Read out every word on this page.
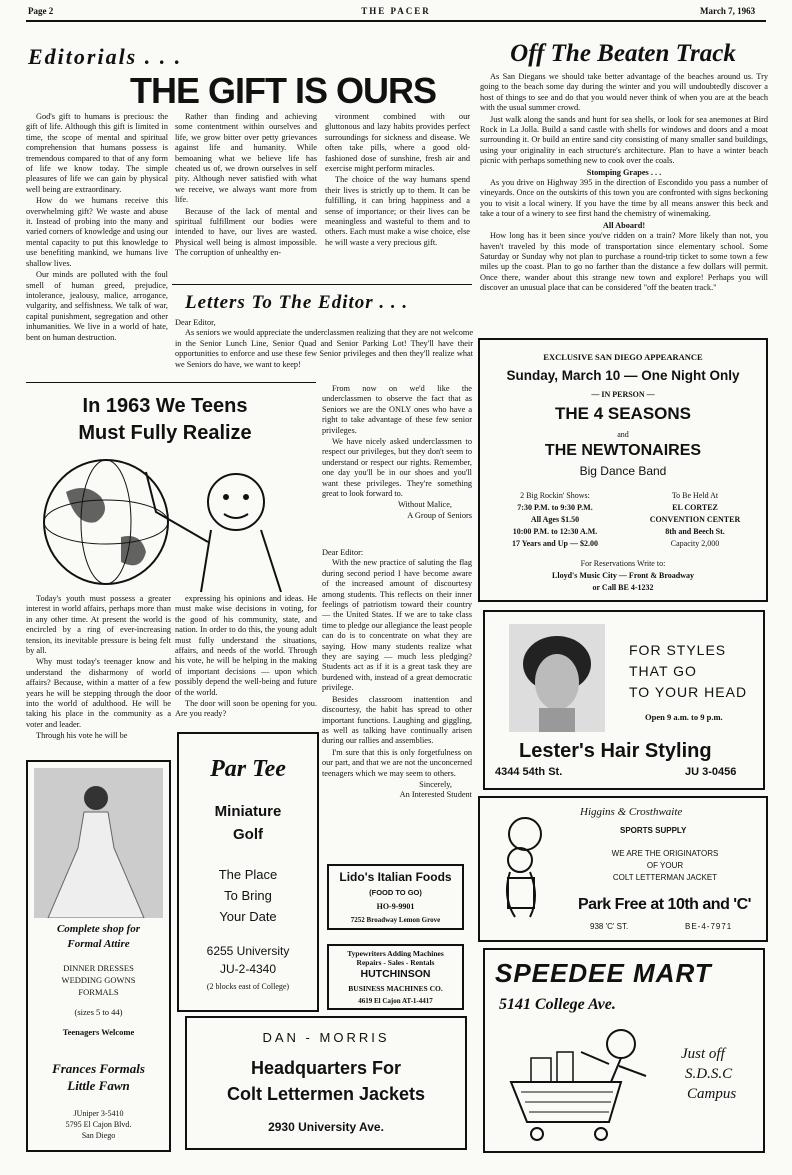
Page 2	THE PACER	March 7, 1963
Editorials . . .
THE GIFT IS OURS

God's gift to humans is precious: the gift of life. Although this gift is limited in time, the scope of mental and spiritual comprehension that humans possess is tremendous compared to that of any form of life we know today. The simple pleasures of life we can gain by physical well being are extraordinary.

How do we humans receive this overwhelming gift? We waste and abuse it. Instead of probing into the many and varied corners of knowledge and using our mental capacity to put this knowledge to use benefiting mankind, we humans live shallow lives.

Our minds are polluted with the foul smell of human greed, prejudice, intolerance, jealousy, malice, arrogance, vulgarity, and selfishness. We talk of war, capital punishment, segregation and other inhumanities. We live in a world of hate, bent on human destruction.

Rather than finding and achieving some contentment within ourselves and life, we grow bitter over petty grievances against life and humanity. While bemoaning what we believe life has cheated us of, we drown ourselves in self pity. Although never satisfied with what we receive, we always want more from life.

Because of the lack of mental and spiritual fulfillment our bodies were intended to have, our lives are wasted. Physical well being is almost impossible. The corruption of unhealthy en-

vironment combined with our gluttonous and lazy habits provides perfect surroundings for sickness and disease. We often take pills, where a good old-fashioned dose of sunshine, fresh air and exercise might perform miracles.

The choice of the way humans spend their lives is strictly up to them. It can be fulfilling, it can bring happiness and a sense of importance; or their lives can be meaningless and wasteful to them and to others. Each must make a wise choice, else he will waste a very precious gift.

Letters To The Editor . . .
Dear Editor,

As seniors we would appreciate the underclassmen realizing that they are not welcome in the Senior Lunch Line, Senior Quad and Senior Parking Lot! They'll have their opportunities to enforce and use these few Senior privileges and then they'll realize what we Seniors do have, we want to keep!

From now on we'd like the underclassmen to observe the fact that as Seniors we are the ONLY ones who have a right to take advantage of these few senior privileges.

We have nicely asked underclassmen to respect our privileges, but they don't seem to understand or respect our rights. Remember, one day you'll be in our shoes and you'll want these privileges. They're something great to look forward to.

Without Malice,
A Group of Seniors
Dear Editor:

With the new practice of saluting the flag during second period I have become aware of the increased amount of discourtesy among students. This reflects on their inner feelings of patriotism toward their country — the United States. If we are to take class time to pledge our allegiance the least people can do is to concentrate on what they are saying. How many students realize what they are saying — much less pledging? Students act as if it is a great task they are burdened with, instead of a great democratic privilege.

Besides classroom inattention and discourtesy, the habit has spread to other important functions. Laughing and giggling, as well as talking have continually arisen during our rallies and assemblies.

I'm sure that this is only forgetfulness on our part, and that we are not the unconcerned teenagers which we may seem to others.

Sincerely,
An Interested Student
In 1963 We Teens
Must Fully Realize

Today's youth must possess a greater interest in world affairs, perhaps more than in any other time. At present the world is encircled by a ring of ever-increasing tension, its inevitable pressure is being felt by all.

Why must today's teenager know and understand the disharmony of world affairs? Because, within a matter of a few years he will be stepping through the door into the world of adulthood. He will be taking his place in the community as a voter and leader.

Through his vote he will be

expressing his opinions and ideas. He must make wise decisions in voting, for the good of his community, state, and nation. In order to do this, the young adult must fully understand the situations, affairs, and needs of the world. Through his vote, he will be helping in the making of important decisions — upon which possibly depend the well-being and future of the world.

The door will soon be opening for you. Are you ready?

Off The Beaten Track

As San Diegans we should take better advantage of the beaches around us. Try going to the beach some day during the winter and you will undoubtedly discover a host of things to see and do that you would never think of when you are at the beach with the usual summer crowd.

Just walk along the sands and hunt for sea shells, or look for sea anemones at Bird Rock in La Jolla. Build a sand castle with shells for windows and doors and a moat surrounding it. Or build an entire sand city consisting of many smaller sand buildings, using your originality in each structure's architecture. Plan to have a winter beach picnic with perhaps something new to cook over the coals.

Stomping Grapes . . .

As you drive on Highway 395 in the direction of Escondido you pass a number of vineyards. Once on the outskirts of this town you are confronted with signs beckoning you to visit a local winery. If you have the time by all means answer this beck and take a tour of a winery to see first hand the chemistry of winemaking.

All Aboard!

How long has it been since you've ridden on a train? More likely than not, you haven't traveled by this mode of transportation since elementary school. Some Saturday or Sunday why not plan to purchase a round-trip ticket to some town a few miles up the coast. Plan to go no farther than the distance a few dollars will permit. Once there, wander about this strange new town and explore! Perhaps you will discover an unusual place that can be considered "off the beaten track."

EXCLUSIVE SAN DIEGO APPEARANCE
Sunday, March 10 — One Night Only
— IN PERSON —
THE 4 SEASONS
and
THE NEWTONAIRES
Big Dance Band
2 Big Rockin' Shows:
7:30 P.M. to 9:30 P.M.
All Ages $1.50
10:00 P.M. to 12:30 A.M.
17 Years and Up — $2.00
To Be Held At
EL CORTEZ
CONVENTION CENTER
8th and Beech St.
Capacity 2,000
For Reservations Write to:
Lloyd's Music City — Front & Broadway
or Call BE 4-1232
FOR STYLES
THAT GO
TO YOUR HEAD
Open 9 a.m. to 9 p.m.
Lester's Hair Styling
4344 54th St.	JU 3-0456
Higgins & Crosthwaite
SPORTS SUPPLY
WE ARE THE ORIGINATORS
OF YOUR
COLT LETTERMAN JACKET
Park Free at 10th and 'C'
938 'C' ST.	BE-4-7971
SPEEDEE MART
5141 College Ave.
Just off
S.D.S.C
Campus
Complete shop for
Formal Attire
DINNER DRESSES
WEDDING GOWNS
FORMALS
(sizes 5 to 44)
Teenagers Welcome
Frances Formals
Little Fawn
JUniper 3-5410
5795 El Cajon Blvd.
San Diego
Par Tee
Miniature
Golf
The Place
To Bring
Your Date
6255 University
JU-2-4340
(2 blocks east of College)
Lido's Italian Foods
(FOOD TO GO)
HO-9-9901
7252 Broadway Lemon Grove
Typewriters Adding Machines
Repairs - Sales - Rentals
HUTCHINSON
BUSINESS MACHINES CO.
4619 El Cajon AT-1-4417
DAN - MORRIS
Headquarters For
Colt Lettermen Jackets
2930 University Ave.
